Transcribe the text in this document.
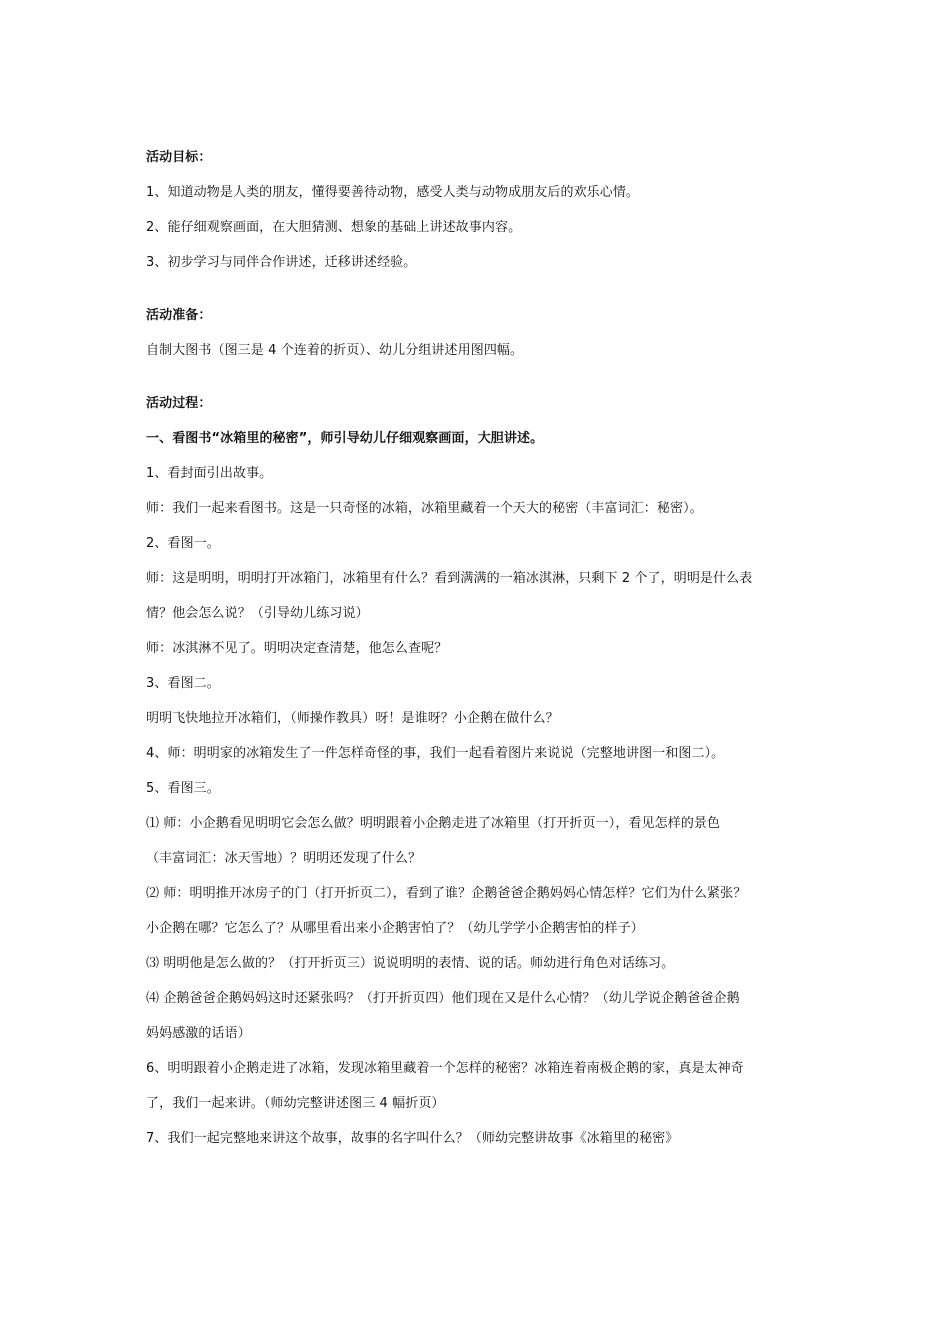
活动目标：
1、知道动物是人类的朋友，懂得要善待动物，感受人类与动物成朋友后的欢乐心情。
2、能仔细观察画面，在大胆猜测、想象的基础上讲述故事内容。
3、初步学习与同伴合作讲述，迁移讲述经验。
活动准备：
自制大图书（图三是 4 个连着的折页）、幼儿分组讲述用图四幅。
活动过程：
一、看图书“冰箱里的秘密”，师引导幼儿仔细观察画面，大胆讲述。
1、看封面引出故事。
师：我们一起来看图书。这是一只奇怪的冰箱，冰箱里藏着一个天大的秘密（丰富词汇：秘密）。
2、看图一。
师：这是明明，明明打开冰箱门，冰箱里有什么？看到满满的一箱冰淇淋，只剩下 2 个了，明明是什么表
情？他会怎么说？（引导幼儿练习说）
师：冰淇淋不见了。明明决定查清楚，他怎么查呢？
3、看图二。
明明飞快地拉开冰箱们，（师操作教具）呀！是谁呀？小企鹅在做什么？
4、师：明明家的冰箱发生了一件怎样奇怪的事，我们一起看着图片来说说（完整地讲图一和图二）。
5、看图三。
⑴ 师：小企鹅看见明明它会怎么做？明明跟着小企鹅走进了冰箱里（打开折页一），看见怎样的景色
（丰富词汇：冰天雪地）？明明还发现了什么？
⑵ 师：明明推开冰房子的门（打开折页二），看到了谁？企鹅爸爸企鹅妈妈心情怎样？它们为什么紧张？
小企鹅在哪？它怎么了？从哪里看出来小企鹅害怕了？（幼儿学学小企鹅害怕的样子）
⑶ 明明他是怎么做的？（打开折页三）说说明明的表情、说的话。师幼进行角色对话练习。
⑷ 企鹅爸爸企鹅妈妈这时还紧张吗？（打开折页四）他们现在又是什么心情？（幼儿学说企鹅爸爸企鹅
妈妈感激的话语）
6、明明跟着小企鹅走进了冰箱，发现冰箱里藏着一个怎样的秘密？冰箱连着南极企鹅的家，真是太神奇
了，我们一起来讲。（师幼完整讲述图三 4 幅折页）
7、我们一起完整地来讲这个故事，故事的名字叫什么？（师幼完整讲故事《冰箱里的秘密》
